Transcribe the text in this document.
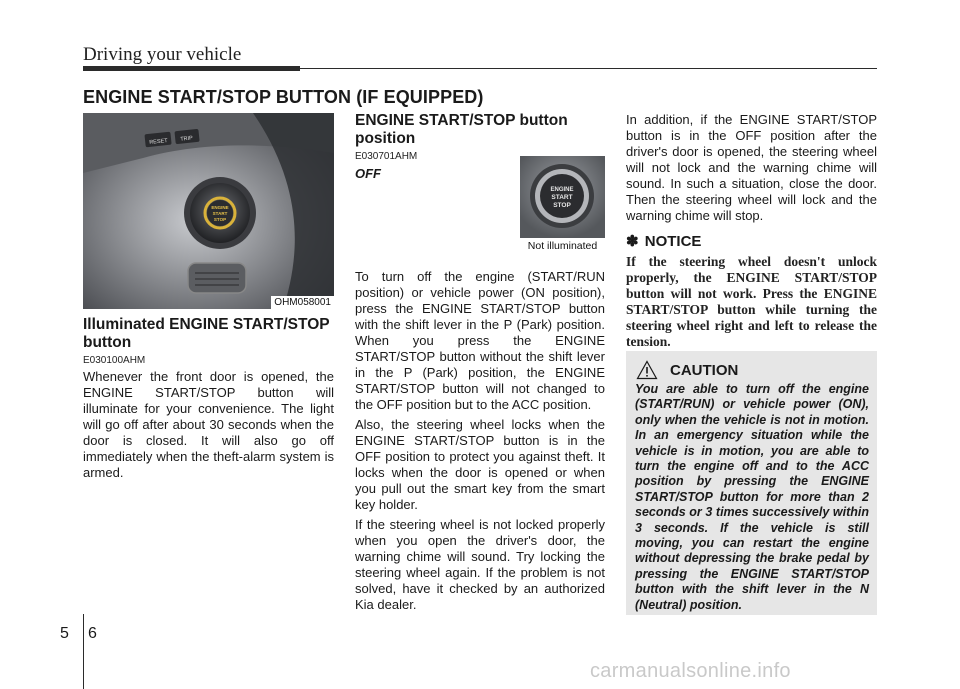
Driving your vehicle
ENGINE START/STOP BUTTON (IF EQUIPPED)
RESET TRIP
ENGINE
START
STOP
OHM058001
Illuminated ENGINE START/STOP button
E030100AHM
Whenever the front door is opened, the ENGINE START/STOP button will illuminate for your convenience. The light will go off after about 30 seconds when the door is closed. It will also go off immediately when the theft-alarm system is armed.
ENGINE START/STOP button position
E030701AHM
OFF
ENGINE
START
STOP
Not illuminated

To turn off the engine (START/RUN position) or vehicle power (ON position), press the ENGINE START/STOP button with the shift lever in the P (Park) position. When you press the ENGINE START/STOP button without the shift lever in the P (Park) position, the ENGINE START/STOP button will not changed to the OFF position but to the ACC position.

Also, the steering wheel locks when the ENGINE START/STOP button is in the OFF position to protect you against theft. It locks when the door is opened or when you pull out the smart key from the smart key holder.

If the steering wheel is not locked properly when you open the driver's door, the warning chime will sound. Try locking the steering wheel again. If the problem is not solved, have it checked by an authorized Kia dealer.

In addition, if the ENGINE START/STOP button is in the OFF position after the driver's door is opened, the steering wheel will not lock and the warning chime will sound. In such a situation, close the door. Then the steering wheel will lock and the warning chime will stop.
✽ NOTICE
If the steering wheel doesn't unlock properly, the ENGINE START/STOP button will not work. Press the ENGINE START/STOP button while turning the steering wheel right and left to release the tension.
CAUTION
You are able to turn off the engine (START/RUN) or vehicle power (ON), only when the vehicle is not in motion. In an emergency situation while the vehicle is in motion, you are able to turn the engine off and to the ACC position by pressing the ENGINE START/STOP button for more than 2 seconds or 3 times successively within 3 seconds. If the vehicle is still moving, you can restart the engine without depressing the brake pedal by pressing the ENGINE START/STOP button with the shift lever in the N (Neutral) position.
5 6
carmanualsonline.info
